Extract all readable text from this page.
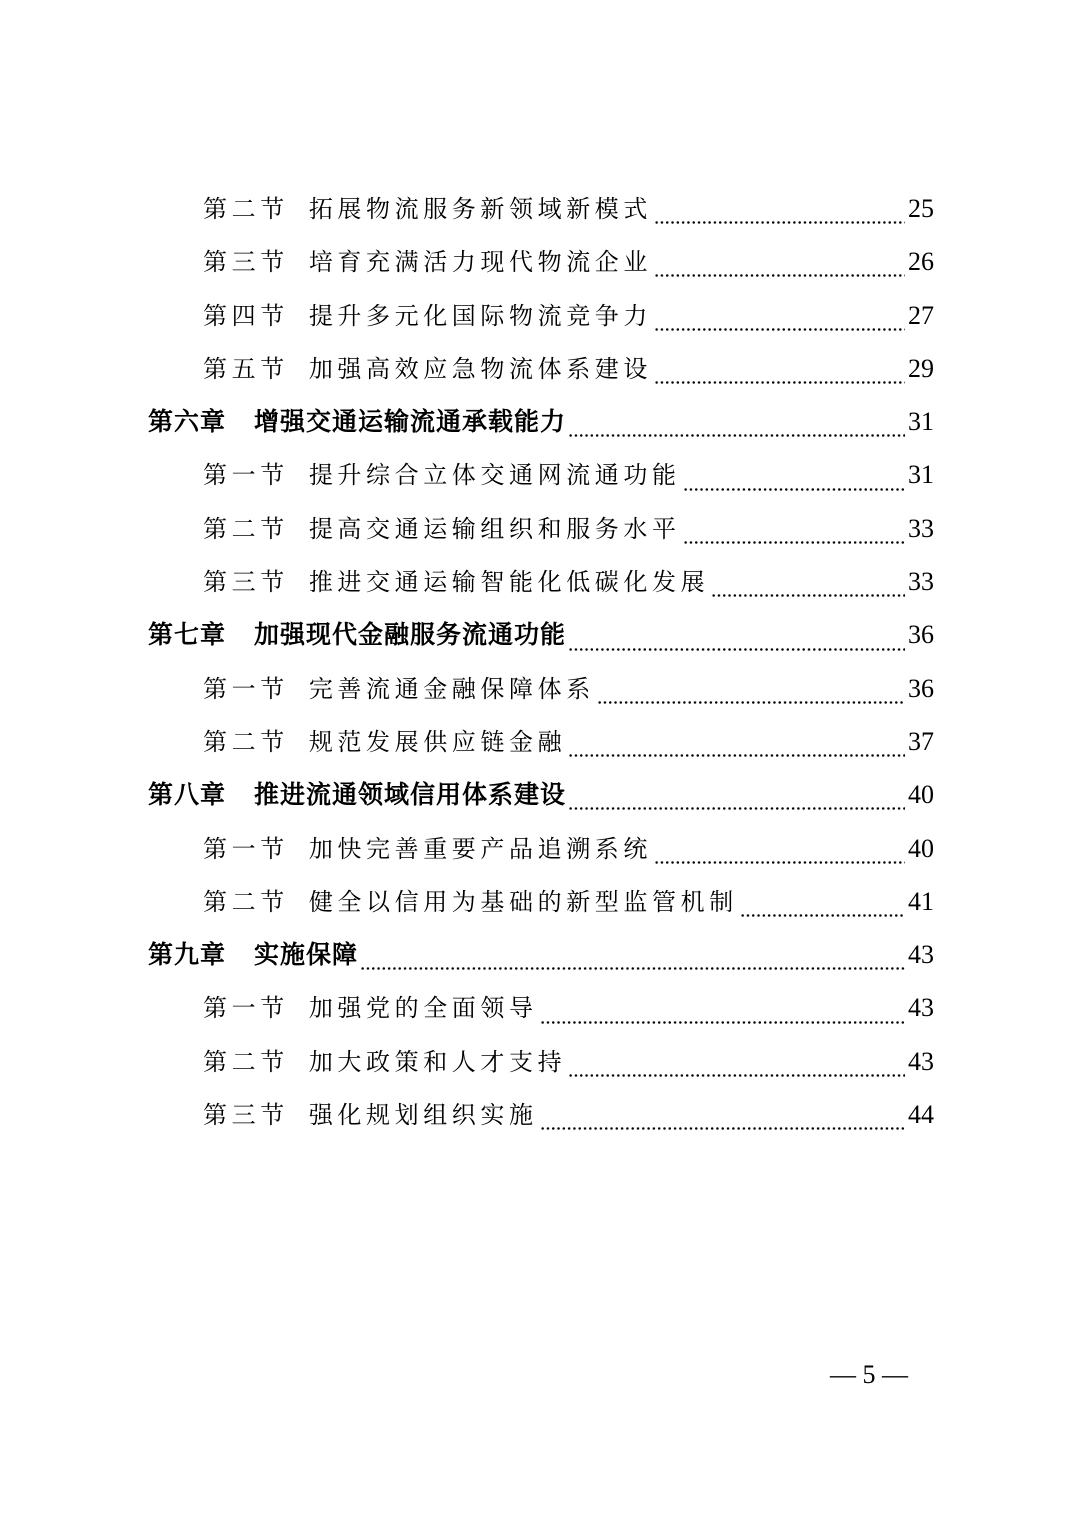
第二节 拓展物流服务新领域新模式	25
第三节 培育充满活力现代物流企业	26
第四节 提升多元化国际物流竞争力	27
第五节 加强高效应急物流体系建设	29
第六章 增强交通运输流通承载能力	31
第一节 提升综合立体交通网流通功能	31
第二节 提高交通运输组织和服务水平	33
第三节 推进交通运输智能化低碳化发展	33
第七章 加强现代金融服务流通功能	36
第一节 完善流通金融保障体系	36
第二节 规范发展供应链金融	37
第八章 推进流通领域信用体系建设	40
第一节 加快完善重要产品追溯系统	40
第二节 健全以信用为基础的新型监管机制	41
第九章 实施保障	43
第一节 加强党的全面领导	43
第二节 加大政策和人才支持	43
第三节 强化规划组织实施	44
— 5 —
